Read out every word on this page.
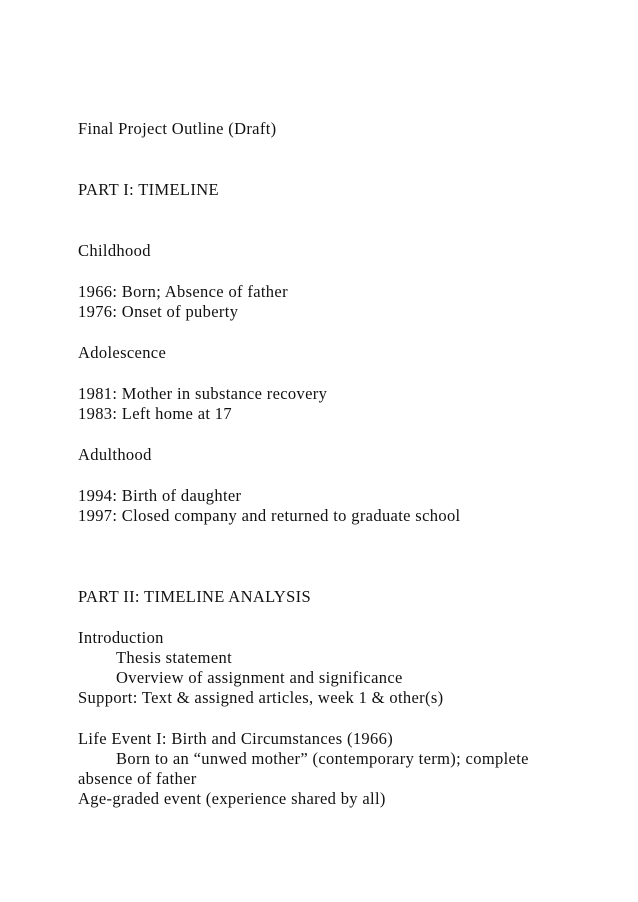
Final Project Outline (Draft)
PART I: TIMELINE
Childhood
1966: Born; Absence of father
1976: Onset of puberty
Adolescence
1981: Mother in substance recovery
1983: Left home at 17
Adulthood
1994: Birth of daughter
1997: Closed company and returned to graduate school
PART II: TIMELINE ANALYSIS
Introduction
Thesis statement
Overview of assignment and significance
Support: Text & assigned articles, week 1 & other(s)
Life Event I: Birth and Circumstances (1966)
Born to an “unwed mother” (contemporary term); complete
absence of father
Age-graded event (experience shared by all)
